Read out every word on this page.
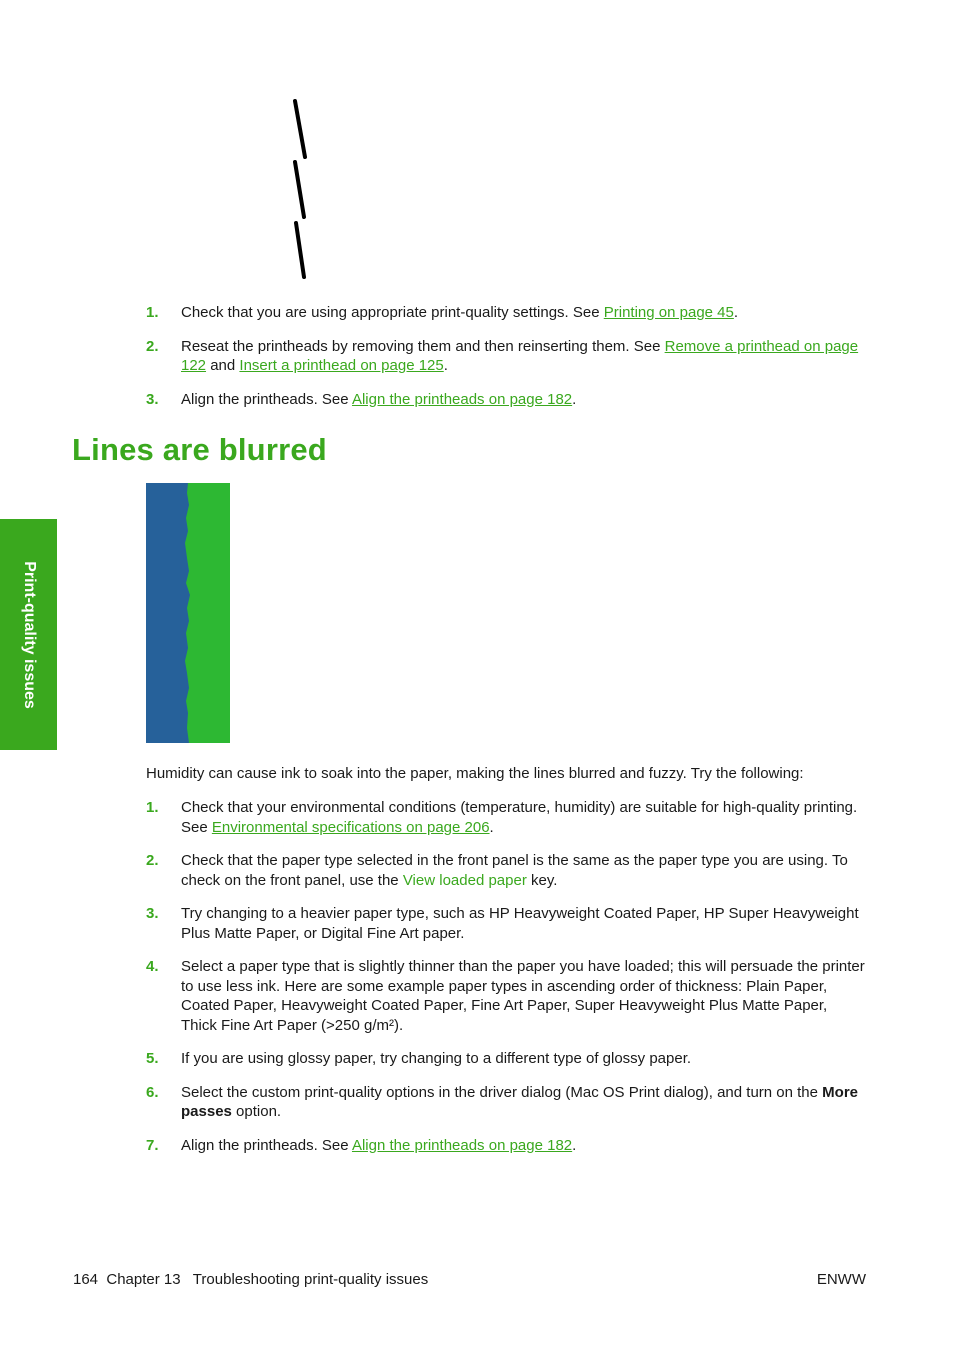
1. Check that you are using appropriate print-quality settings. See Printing on page 45.
2. Reseat the printheads by removing them and then reinserting them. See Remove a printhead on page 122 and Insert a printhead on page 125.
3. Align the printheads. See Align the printheads on page 182.
Lines are blurred
Print-quality issues
Humidity can cause ink to soak into the paper, making the lines blurred and fuzzy. Try the following:
1. Check that your environmental conditions (temperature, humidity) are suitable for high-quality printing. See Environmental specifications on page 206.
2. Check that the paper type selected in the front panel is the same as the paper type you are using. To check on the front panel, use the View loaded paper key.
3. Try changing to a heavier paper type, such as HP Heavyweight Coated Paper, HP Super Heavyweight Plus Matte Paper, or Digital Fine Art paper.
4. Select a paper type that is slightly thinner than the paper you have loaded; this will persuade the printer to use less ink. Here are some example paper types in ascending order of thickness: Plain Paper, Coated Paper, Heavyweight Coated Paper, Fine Art Paper, Super Heavyweight Plus Matte Paper, Thick Fine Art Paper (>250 g/m²).
5. If you are using glossy paper, try changing to a different type of glossy paper.
6. Select the custom print-quality options in the driver dialog (Mac OS Print dialog), and turn on the More passes option.
7. Align the printheads. See Align the printheads on page 182.
164  Chapter 13   Troubleshooting print-quality issues	ENWW
